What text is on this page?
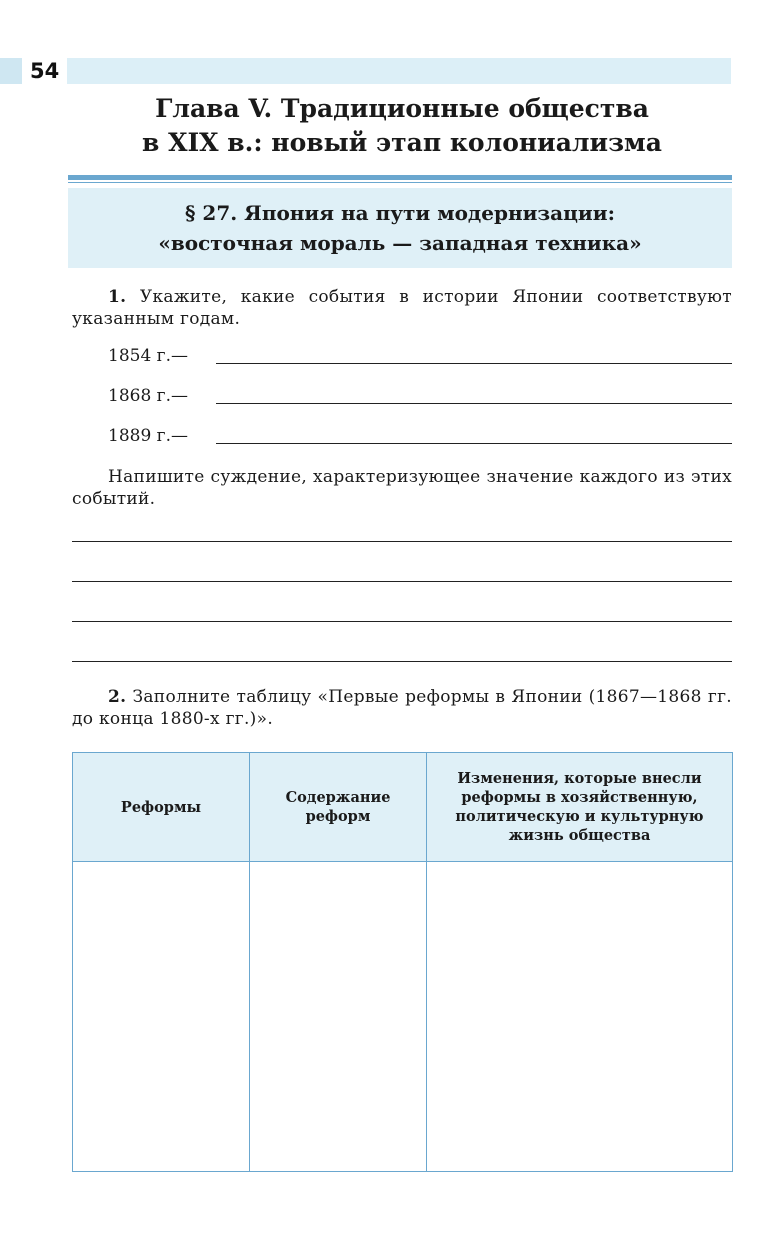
54
Глава V. Традиционные общества
в XIX в.: новый этап колониализма
§ 27. Япония на пути модернизации:
«восточная мораль — западная техника»

1. Укажите, какие события в истории Японии соответствуют указанным годам.

1854 г.—
1868 г.—
1889 г.—

Напишите суждение, характеризующее значение каждого из этих событий.

2. Заполните таблицу «Первые реформы в Японии (1867—1868 гг. до конца 1880-х гг.)».

Реформы	Содержание реформ	Изменения, которые внесли реформы в хозяйственную, политическую и культурную жизнь общества
